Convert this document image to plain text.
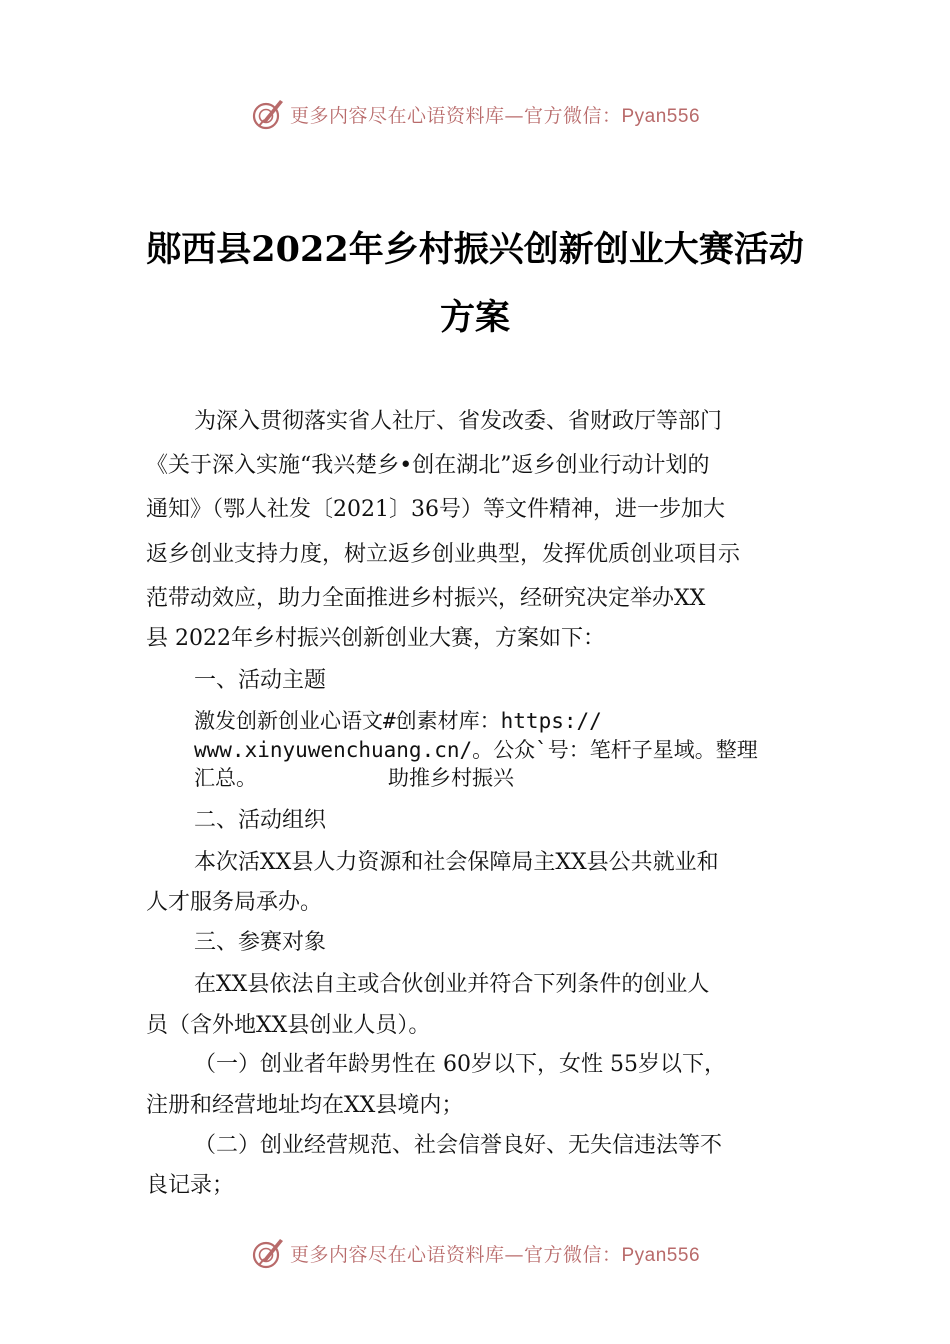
更多内容尽在心语资料库—官方微信：Pyan556
郧西县2022年乡村振兴创新创业大赛活动
方案
为深入贯彻落实省人社厅、省发改委、省财政厅等部门
《关于深入实施“我兴楚乡•创在湖北”返乡创业行动计划的
通知》（鄂人社发〔2021〕36号）等文件精神，进一步加大
返乡创业支持力度，树立返乡创业典型，发挥优质创业项目示
范带动效应，助力全面推进乡村振兴，经研究决定举办XX
县 2022年乡村振兴创新创业大赛，方案如下：
一、活动主题
激发创新创业心语文#创素材库：https://
www.xinyuwenchuang.cn/。公众`号：笔杆子星域。整理
汇总。	助推乡村振兴
二、活动组织
本次活XX县人力资源和社会保障局主XX县公共就业和
人才服务局承办。
三、参赛对象
在XX县依法自主或合伙创业并符合下列条件的创业人
员（含外地XX县创业人员）。
（一）创业者年龄男性在 60岁以下，女性 55岁以下，
注册和经营地址均在XX县境内；
（二）创业经营规范、社会信誉良好、无失信违法等不
良记录；
更多内容尽在心语资料库—官方微信：Pyan556
